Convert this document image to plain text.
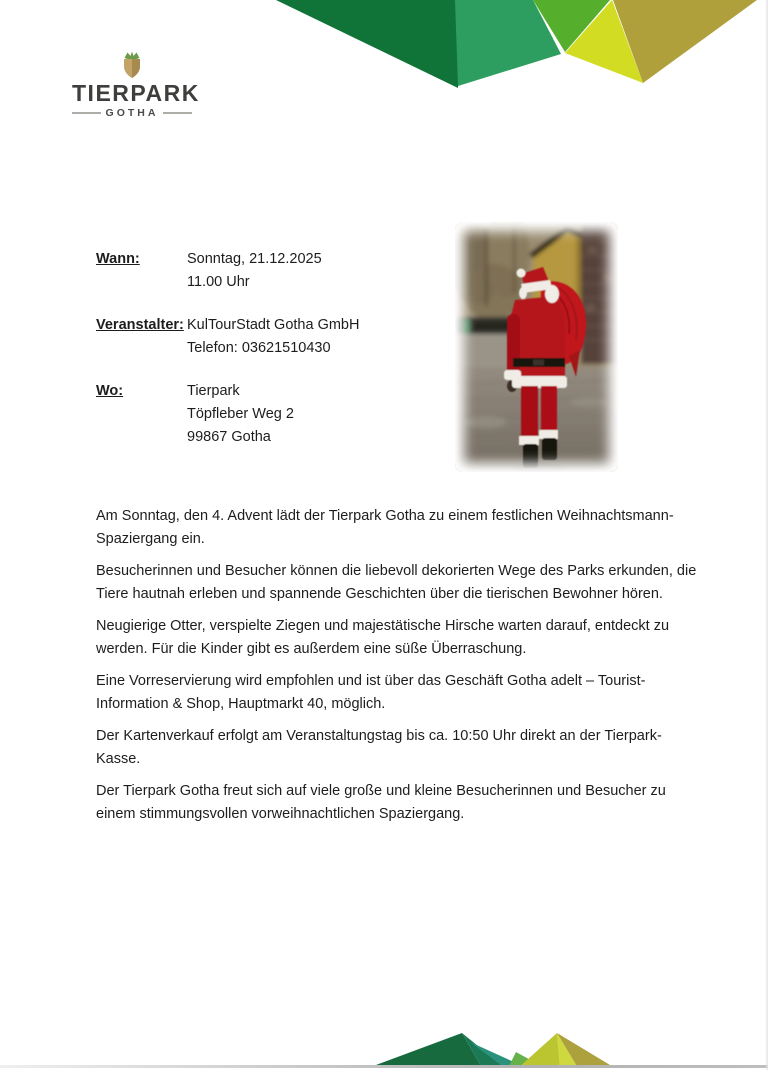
TIERPARK
GOTHA
Wann:	Sonntag, 21.12.2025
11.00 Uhr
Veranstalter: KulTourStadt Gotha GmbH
Telefon: 03621510430
Wo:	Tierpark
Töpfleber Weg 2
99867 Gotha

Am Sonntag, den 4. Advent lädt der Tierpark Gotha zu einem festlichen Weihnachtsmann-
Spaziergang ein.

Besucherinnen und Besucher können die liebevoll dekorierten Wege des Parks erkunden, die
Tiere hautnah erleben und spannende Geschichten über die tierischen Bewohner hören.

Neugierige Otter, verspielte Ziegen und majestätische Hirsche warten darauf, entdeckt zu
werden. Für die Kinder gibt es außerdem eine süße Überraschung.

Eine Vorreservierung wird empfohlen und ist über das Geschäft Gotha adelt – Tourist-
Information & Shop, Hauptmarkt 40, möglich.

Der Kartenverkauf erfolgt am Veranstaltungstag bis ca. 10:50 Uhr direkt an der Tierpark-
Kasse.

Der Tierpark Gotha freut sich auf viele große und kleine Besucherinnen und Besucher zu
einem stimmungsvollen vorweihnachtlichen Spaziergang.
